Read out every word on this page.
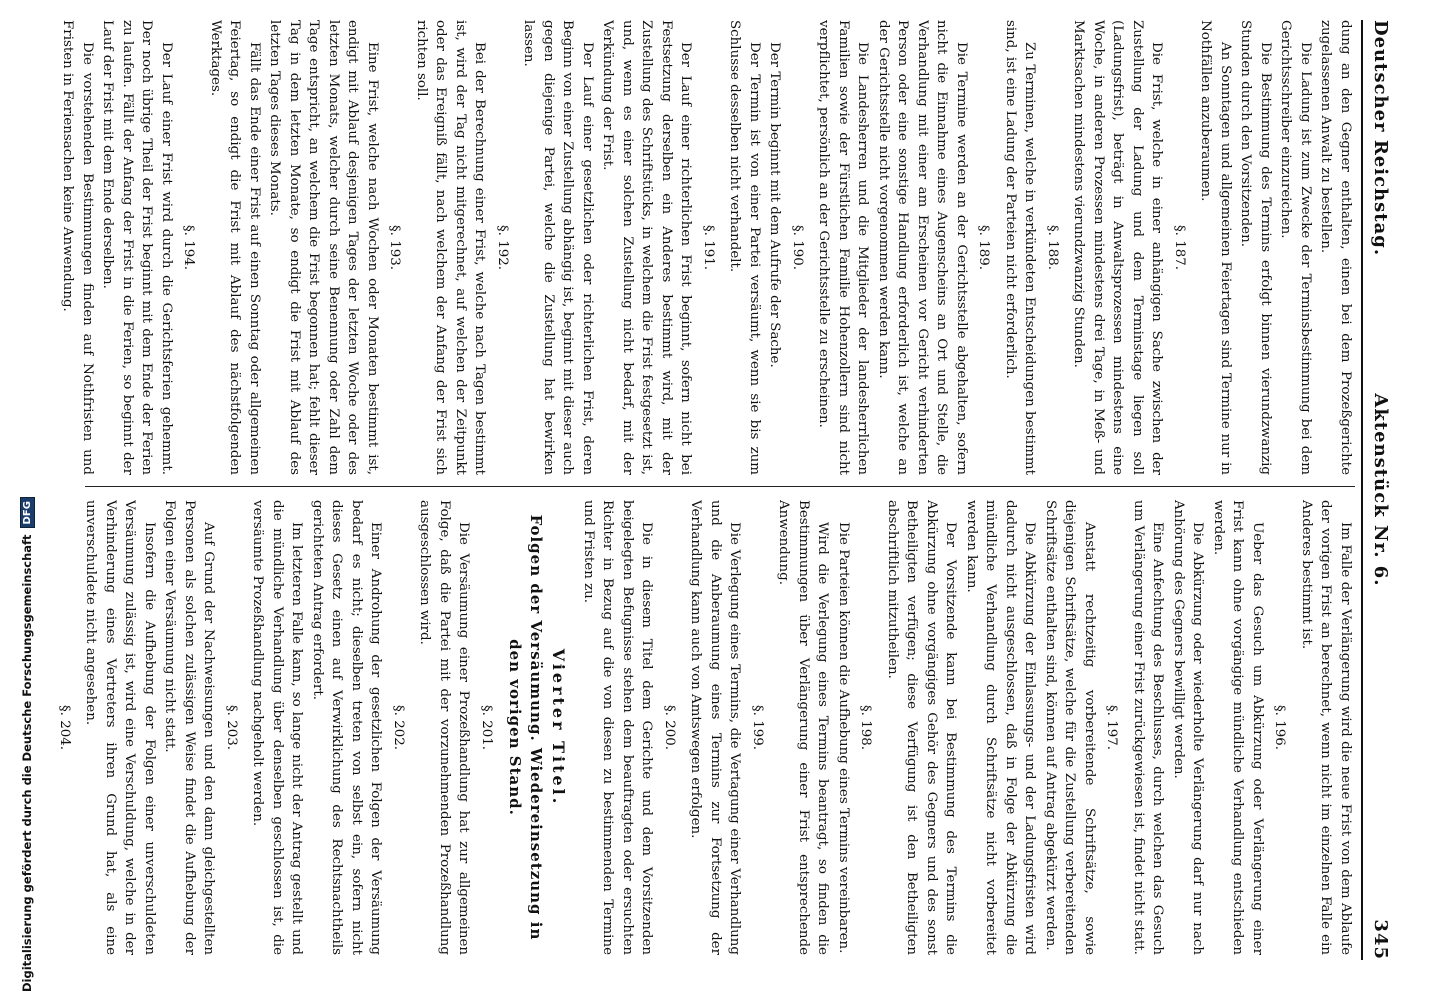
Deutscher Reichstag.
Aktenstück Nr. 6.
345

dung an den Gegner enthalten, einen bei dem Prozeßgerichte zugelassenen Anwalt zu bestellen.

Die Ladung ist zum Zwecke der Terminsbestimmung bei dem Gerichtsschreiber einzureichen.

Die Bestimmung des Termins erfolgt binnen vierundzwanzig Stunden durch den Vorsitzenden.

An Sonntagen und allgemeinen Feiertagen sind Termine nur in Nothfällen anzuberaumen.

§. 187.

Die Frist, welche in einer anhängigen Sache zwischen der Zustellung der Ladung und dem Terminstage liegen soll (Ladungsfrist), beträgt in Anwaltsprozessen mindestens eine Woche, in anderen Prozessen mindestens drei Tage, in Meß- und Marktsachen mindestens vierundzwanzig Stunden.

§. 188.

Zu Terminen, welche in verkündeten Entscheidungen bestimmt sind, ist eine Ladung der Parteien nicht erforderlich.

§. 189.

Die Termine werden an der Gerichtsstelle abgehalten, sofern nicht die Einnahme eines Augenscheins an Ort und Stelle, die Verhandlung mit einer am Erscheinen vor Gericht verhinderten Person oder eine sonstige Handlung erforderlich ist, welche an der Gerichtsstelle nicht vorgenommen werden kann.

Die Landesherren und die Mitglieder der landesherrlichen Familien sowie der Fürstlichen Familie Hohenzollern sind nicht verpflichtet, persönlich an der Gerichtsstelle zu erscheinen.

§. 190.

Der Termin beginnt mit dem Aufrufe der Sache.

Der Termin ist von einer Partei versäumt, wenn sie bis zum Schlusse desselben nicht verhandelt.

§. 191.

Der Lauf einer richterlichen Frist beginnt, sofern nicht bei Festsetzung derselben ein Anderes bestimmt wird, mit der Zustellung des Schriftstücks, in welchem die Frist festgesetzt ist, und, wenn es einer solchen Zustellung nicht bedarf, mit der Verkündung der Frist.

Der Lauf einer gesetzlichen oder richterlichen Frist, deren Beginn von einer Zustellung abhängig ist, beginnt mit dieser auch gegen diejenige Partei, welche die Zustellung hat bewirken lassen.

§. 192.

Bei der Berechnung einer Frist, welche nach Tagen bestimmt ist, wird der Tag nicht mitgerechnet, auf welchen der Zeitpunkt oder das Ereigniß fällt, nach welchem der Anfang der Frist sich richten soll.

§. 193.

Eine Frist, welche nach Wochen oder Monaten bestimmt ist, endigt mit Ablauf desjenigen Tages der letzten Woche oder des letzten Monats, welcher durch seine Benennung oder Zahl dem Tage entspricht, an welchem die Frist begonnen hat; fehlt dieser Tag in dem letzten Monate, so endigt die Frist mit Ablauf des letzten Tages dieses Monats.

Fällt das Ende einer Frist auf einen Sonntag oder allgemeinen Feiertag, so endigt die Frist mit Ablauf des nächstfolgenden Werktages.

§. 194.

Der Lauf einer Frist wird durch die Gerichtsferien gehemmt. Der noch übrige Theil der Frist beginnt mit dem Ende der Ferien zu laufen. Fällt der Anfang der Frist in die Ferien, so beginnt der Lauf der Frist mit dem Ende derselben.

Die vorstehenden Bestimmungen finden auf Nothfristen und Fristen in Feriensachen keine Anwendung.

Im Falle der Verlängerung wird die neue Frist von dem Ablaufe der vorigen Frist an berechnet, wenn nicht im einzelnen Falle ein Anderes bestimmt ist.

§. 196.

Ueber das Gesuch um Abkürzung oder Verlängerung einer Frist kann ohne vorgängige mündliche Verhandlung entschieden werden.

Die Abkürzung oder wiederholte Verlängerung darf nur nach Anhörung des Gegners bewilligt werden.

Eine Anfechtung des Beschlusses, durch welchen das Gesuch um Verlängerung einer Frist zurückgewiesen ist, findet nicht statt.

§. 197.

Anstatt rechtzeitig vorbereitende Schriftsätze, sowie diejenigen Schriftsätze, welche für die Zustellung verbereitenden Schriftsätze enthalten sind, können auf Antrag abgekürzt werden.

Die Abkürzung der Einlassungs- und der Ladungsfristen wird dadurch nicht ausgeschlossen, daß in Folge der Abkürzung die mündliche Verhandlung durch Schriftsätze nicht vorbereitet werden kann.

Der Vorsitzende kann bei Bestimmung des Termins die Abkürzung ohne vorgängiges Gehör des Gegners und des sonst Betheiligten verfügen; diese Verfügung ist den Betheiligten abschriftlich mitzutheilen.

§. 198.

Die Parteien können die Aufhebung eines Termins vereinbaren.

Wird die Verlegung eines Termins beantragt, so finden die Bestimmungen über Verlängerung einer Frist entsprechende Anwendung.

§. 199.

Die Verlegung eines Termins, die Vertagung einer Verhandlung und die Anberaumung eines Termins zur Fortsetzung der Verhandlung kann auch von Amtswegen erfolgen.

§. 200.

Die in diesem Titel dem Gerichte und dem Vorsitzenden beigelegten Befugnisse stehen dem beauftragten oder ersuchten Richter in Bezug auf die von diesen zu bestimmenden Termine und Fristen zu.

Vierter Titel.
Folgen der Versäumung. Wiedereinsetzung in den vorigen Stand.
§. 201.

Die Versäumung einer Prozeßhandlung hat zur allgemeinen Folge, daß die Partei mit der vorzunehmenden Prozeßhandlung ausgeschlossen wird.

§. 202.

Einer Androhung der gesetzlichen Folgen der Versäumung bedarf es nicht; dieselben treten von selbst ein, sofern nicht dieses Gesetz einen auf Verwirklichung des Rechtsnachtheils gerichteten Antrag erfordert.

Im letzteren Falle kann, so lange nicht der Antrag gestellt und die mündliche Verhandlung über denselben geschlossen ist, die versäumte Prozeßhandlung nachgeholt werden.

§. 203.

Auf Grund der Nachweisungen und den dann gleichgestellten Personen als solchen zulässigen Weise findet die Aufhebung der Folgen einer Versäumung nicht statt.

Insofern die Aufhebung der Folgen einer unverschuldeten Versäumung zulässig ist, wird eine Verschuldung, welche in der Verhinderung eines Vertreters ihren Grund hat, als eine unverschuldete nicht angesehen.

§. 204.

Digitalisierung gefördert durch die Deutsche ForschungsgemeinschaftDFG
